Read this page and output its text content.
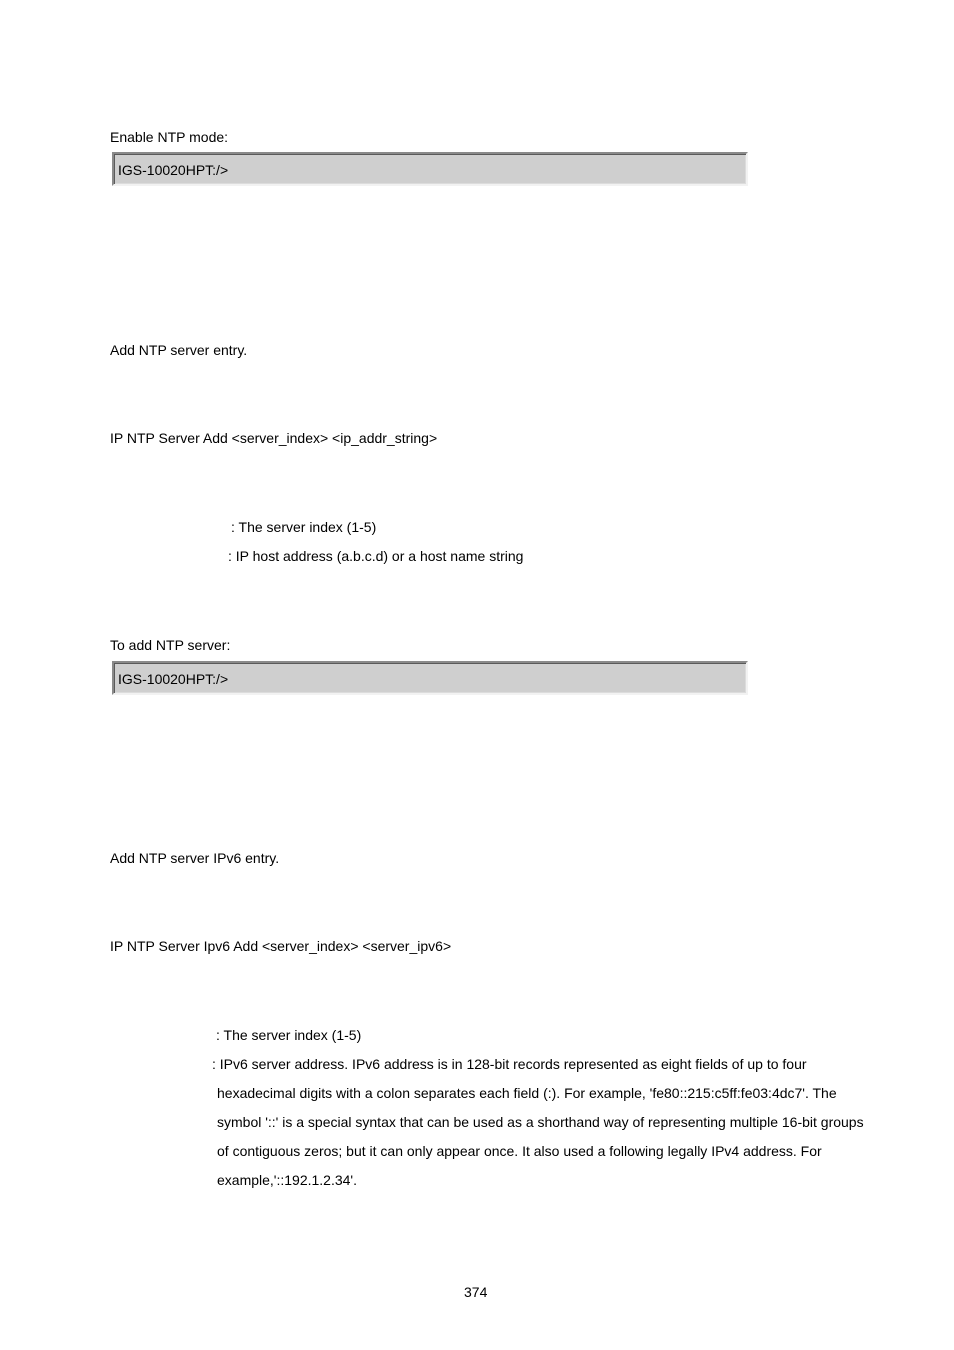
Enable NTP mode:
IGS-10020HPT:/>
Add NTP server entry.
IP NTP Server Add <server_index> <ip_addr_string>
: The server index (1-5)
: IP host address (a.b.c.d) or a host name string
To add NTP server:
IGS-10020HPT:/>
Add NTP server IPv6 entry.
IP NTP Server Ipv6 Add <server_index> <server_ipv6>
: The server index (1-5)
: IPv6 server address. IPv6 address is in 128-bit records represented as eight fields of up to four
hexadecimal digits with a colon separates each field (:). For example, 'fe80::215:c5ff:fe03:4dc7'. The
symbol '::' is a special syntax that can be used as a shorthand way of representing multiple 16-bit groups
of contiguous zeros; but it can only appear once. It also used a following legally IPv4 address. For
example,'::192.1.2.34'.
374
